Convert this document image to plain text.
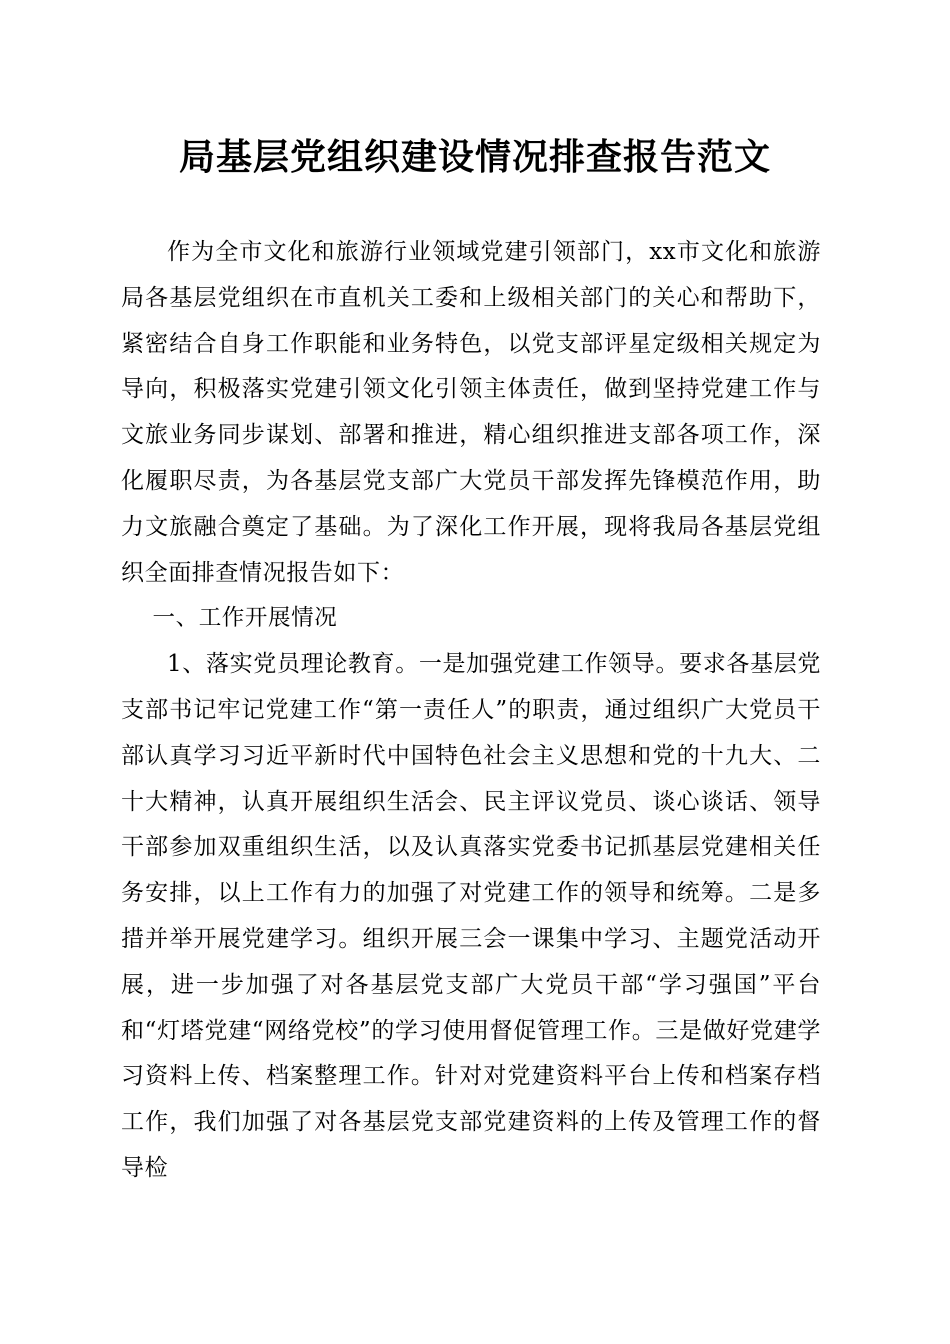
局基层党组织建设情况排查报告范文

作为全市文化和旅游行业领域党建引领部门，xx市文化和旅游局各基层党组织在市直机关工委和上级相关部门的关心和帮助下，紧密结合自身工作职能和业务特色，以党支部评星定级相关规定为导向，积极落实党建引领文化引领主体责任，做到坚持党建工作与文旅业务同步谋划、部署和推进，精心组织推进支部各项工作，深化履职尽责，为各基层党支部广大党员干部发挥先锋模范作用，助力文旅融合奠定了基础。为了深化工作开展，现将我局各基层党组织全面排查情况报告如下：

一、工作开展情况

1、落实党员理论教育。一是加强党建工作领导。要求各基层党支部书记牢记党建工作“第一责任人”的职责，通过组织广大党员干部认真学习习近平新时代中国特色社会主义思想和党的十九大、二十大精神，认真开展组织生活会、民主评议党员、谈心谈话、领导干部参加双重组织生活，以及认真落实党委书记抓基层党建相关任务安排，以上工作有力的加强了对党建工作的领导和统筹。二是多措并举开展党建学习。组织开展三会一课集中学习、主题党活动开展，进一步加强了对各基层党支部广大党员干部“学习强国”平台和“灯塔党建“网络党校”的学习使用督促管理工作。三是做好党建学习资料上传、档案整理工作。针对对党建资料平台上传和档案存档工作，我们加强了对各基层党支部党建资料的上传及管理工作的督导检
